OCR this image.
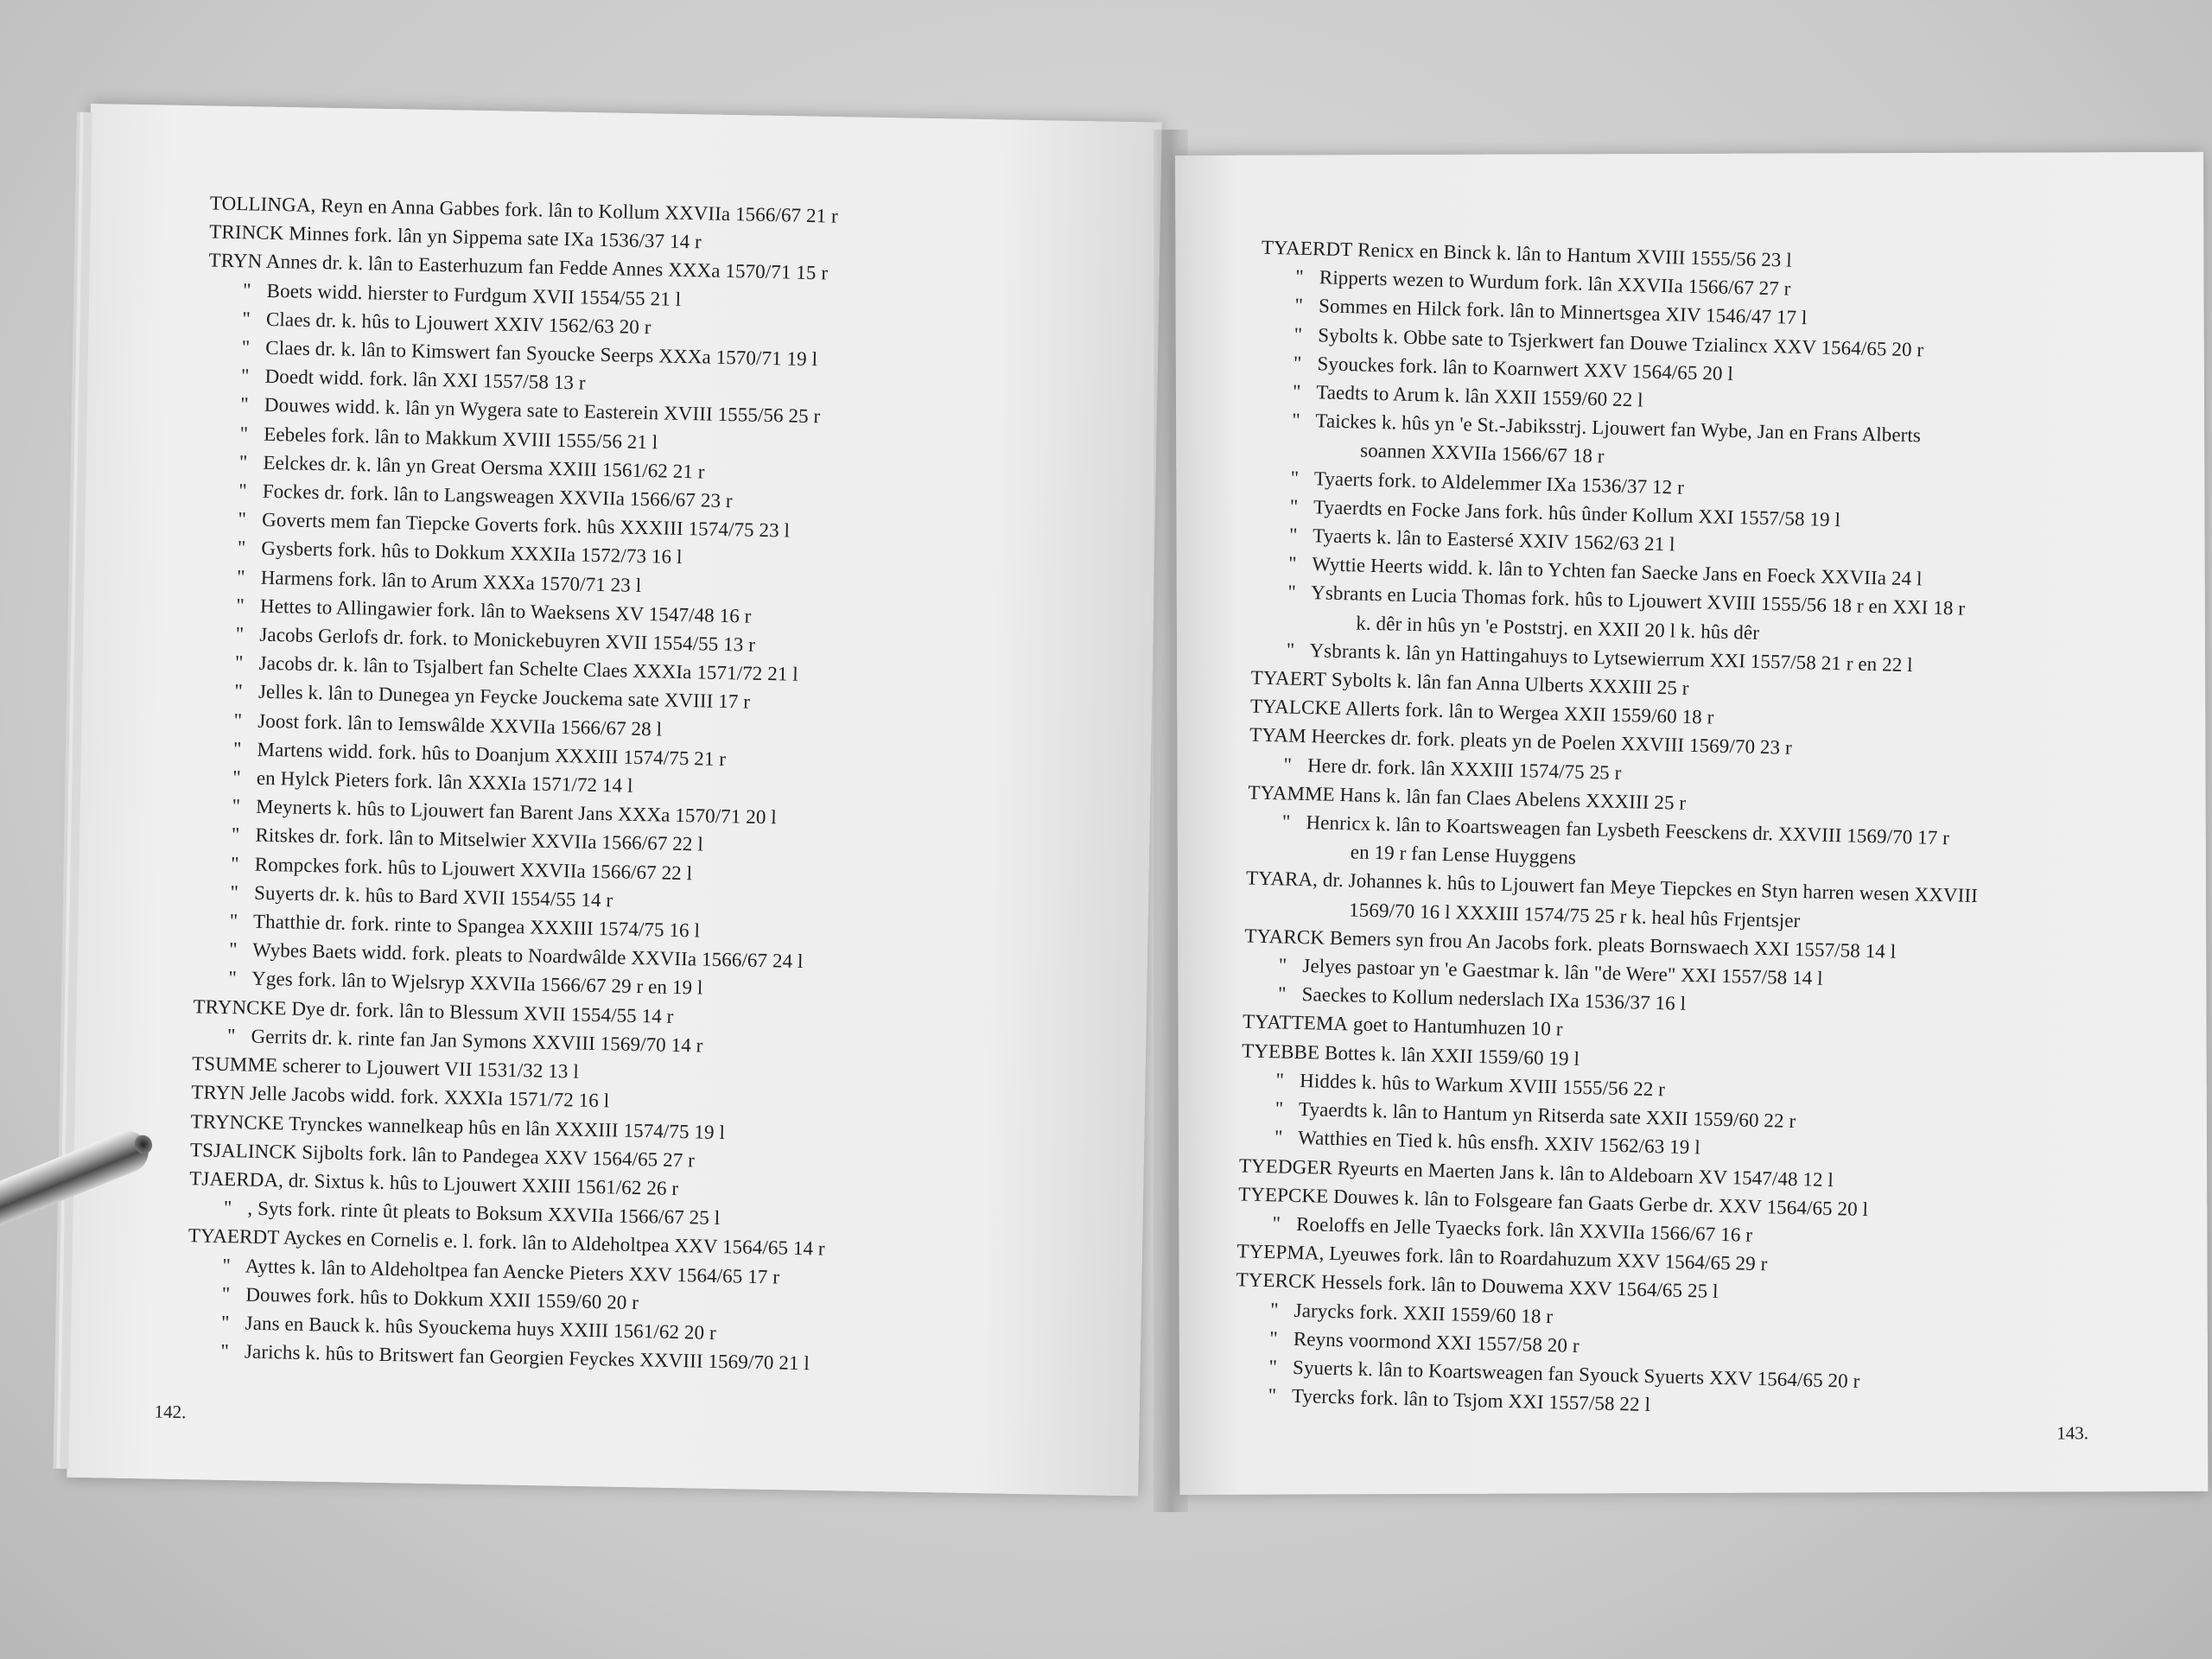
TOLLINGA, Reyn en Anna Gabbes fork. lân to Kollum XXVIIa 1566/67 21 r
TRINCK Minnes fork. lân yn Sippema sate IXa 1536/37 14 r
TRYN Annes dr. k. lân to Easterhuzum fan Fedde Annes XXXa 1570/71 15 r
" Boets widd. hierster to Furdgum XVII 1554/55 21 l
" Claes dr. k. hûs to Ljouwert XXIV 1562/63 20 r
" Claes dr. k. lân to Kimswert fan Syoucke Seerps XXXa 1570/71 19 l
" Doedt widd. fork. lân XXI 1557/58 13 r
" Douwes widd. k. lân yn Wygera sate to Easterein XVIII 1555/56 25 r
" Eebeles fork. lân to Makkum XVIII 1555/56 21 l
" Eelckes dr. k. lân yn Great Oersma XXIII 1561/62 21 r
" Fockes dr. fork. lân to Langsweagen XXVIIa 1566/67 23 r
" Goverts mem fan Tiepcke Goverts fork. hûs XXXIII 1574/75 23 l
" Gysberts fork. hûs to Dokkum XXXIIa 1572/73 16 l
" Harmens fork. lân to Arum XXXa 1570/71 23 l
" Hettes to Allingawier fork. lân to Waeksens XV 1547/48 16 r
" Jacobs Gerlofs dr. fork. to Monickebuyren XVII 1554/55 13 r
" Jacobs dr. k. lân to Tsjalbert fan Schelte Claes XXXIa 1571/72 21 l
" Jelles k. lân to Dunegea yn Feycke Jouckema sate XVIII 17 r
" Joost fork. lân to Iemswâlde XXVIIa 1566/67 28 l
" Martens widd. fork. hûs to Doanjum XXXIII 1574/75 21 r
" en Hylck Pieters fork. lân XXXIa 1571/72 14 l
" Meynerts k. hûs to Ljouwert fan Barent Jans XXXa 1570/71 20 l
" Ritskes dr. fork. lân to Mitselwier XXVIIa 1566/67 22 l
" Rompckes fork. hûs to Ljouwert XXVIIa 1566/67 22 l
" Suyerts dr. k. hûs to Bard XVII 1554/55 14 r
" Thatthie dr. fork. rinte to Spangea XXXIII 1574/75 16 l
" Wybes Baets widd. fork. pleats to Noardwâlde XXVIIa 1566/67 24 l
" Yges fork. lân to Wjelsryp XXVIIa 1566/67 29 r en 19 l
TRYNCKE Dye dr. fork. lân to Blessum XVII 1554/55 14 r
" Gerrits dr. k. rinte fan Jan Symons XXVIII 1569/70 14 r
TSUMME scherer to Ljouwert VII 1531/32 13 l
TRYN Jelle Jacobs widd. fork. XXXIa 1571/72 16 l
TRYNCKE Trynckes wannelkeap hûs en lân XXXIII 1574/75 19 l
TSJALINCK Sijbolts fork. lân to Pandegea XXV 1564/65 27 r
TJAERDA, dr. Sixtus k. hûs to Ljouwert XXIII 1561/62 26 r
" , Syts fork. rinte ût pleats to Boksum XXVIIa 1566/67 25 l
TYAERDT Ayckes en Cornelis e. l. fork. lân to Aldeholtpea XXV 1564/65 14 r
" Ayttes k. lân to Aldeholtpea fan Aencke Pieters XXV 1564/65 17 r
" Douwes fork. hûs to Dokkum XXII 1559/60 20 r
" Jans en Bauck k. hûs Syouckema huys XXIII 1561/62 20 r
" Jarichs k. hûs to Britswert fan Georgien Feyckes XXVIII 1569/70 21 l
142.
TYAERDT Renicx en Binck k. lân to Hantum XVIII 1555/56 23 l
" Ripperts wezen to Wurdum fork. lân XXVIIa 1566/67 27 r
" Sommes en Hilck fork. lân to Minnertsgea XIV 1546/47 17 l
" Sybolts k. Obbe sate to Tsjerkwert fan Douwe Tzialincx XXV 1564/65 20 r
" Syouckes fork. lân to Koarnwert XXV 1564/65 20 l
" Taedts to Arum k. lân XXII 1559/60 22 l
" Taickes k. hûs yn 'e St.-Jabiksstrj. Ljouwert fan Wybe, Jan en Frans Alberts
soannen XXVIIa 1566/67 18 r
" Tyaerts fork. to Aldelemmer IXa 1536/37 12 r
" Tyaerdts en Focke Jans fork. hûs ûnder Kollum XXI 1557/58 19 l
" Tyaerts k. lân to Eastersé XXIV 1562/63 21 l
" Wyttie Heerts widd. k. lân to Ychten fan Saecke Jans en Foeck XXVIIa 24 l
" Ysbrants en Lucia Thomas fork. hûs to Ljouwert XVIII 1555/56 18 r en XXI 18 r
k. dêr in hûs yn 'e Poststrj. en XXII 20 l k. hûs dêr
" Ysbrants k. lân yn Hattingahuys to Lytsewierrum XXI 1557/58 21 r en 22 l
TYAERT Sybolts k. lân fan Anna Ulberts XXXIII 25 r
TYALCKE Allerts fork. lân to Wergea XXII 1559/60 18 r
TYAM Heerckes dr. fork. pleats yn de Poelen XXVIII 1569/70 23 r
" Here dr. fork. lân XXXIII 1574/75 25 r
TYAMME Hans k. lân fan Claes Abelens XXXIII 25 r
" Henricx k. lân to Koartsweagen fan Lysbeth Feesckens dr. XXVIII 1569/70 17 r
en 19 r fan Lense Huyggens
TYARA, dr. Johannes k. hûs to Ljouwert fan Meye Tiepckes en Styn harren wesen XXVIII
1569/70 16 l XXXIII 1574/75 25 r k. heal hûs Frjentsjer
TYARCK Bemers syn frou An Jacobs fork. pleats Bornswaech XXI 1557/58 14 l
" Jelyes pastoar yn 'e Gaestmar k. lân "de Were" XXI 1557/58 14 l
" Saeckes to Kollum nederslach IXa 1536/37 16 l
TYATTEMA goet to Hantumhuzen 10 r
TYEBBE Bottes k. lân XXII 1559/60 19 l
" Hiddes k. hûs to Warkum XVIII 1555/56 22 r
" Tyaerdts k. lân to Hantum yn Ritserda sate XXII 1559/60 22 r
" Watthies en Tied k. hûs ensfh. XXIV 1562/63 19 l
TYEDGER Ryeurts en Maerten Jans k. lân to Aldeboarn XV 1547/48 12 l
TYEPCKE Douwes k. lân to Folsgeare fan Gaats Gerbe dr. XXV 1564/65 20 l
" Roeloffs en Jelle Tyaecks fork. lân XXVIIa 1566/67 16 r
TYEPMA, Lyeuwes fork. lân to Roardahuzum XXV 1564/65 29 r
TYERCK Hessels fork. lân to Douwema XXV 1564/65 25 l
" Jarycks fork. XXII 1559/60 18 r
" Reyns voormond XXI 1557/58 20 r
" Syuerts k. lân to Koartsweagen fan Syouck Syuerts XXV 1564/65 20 r
" Tyercks fork. lân to Tsjom XXI 1557/58 22 l
143.
